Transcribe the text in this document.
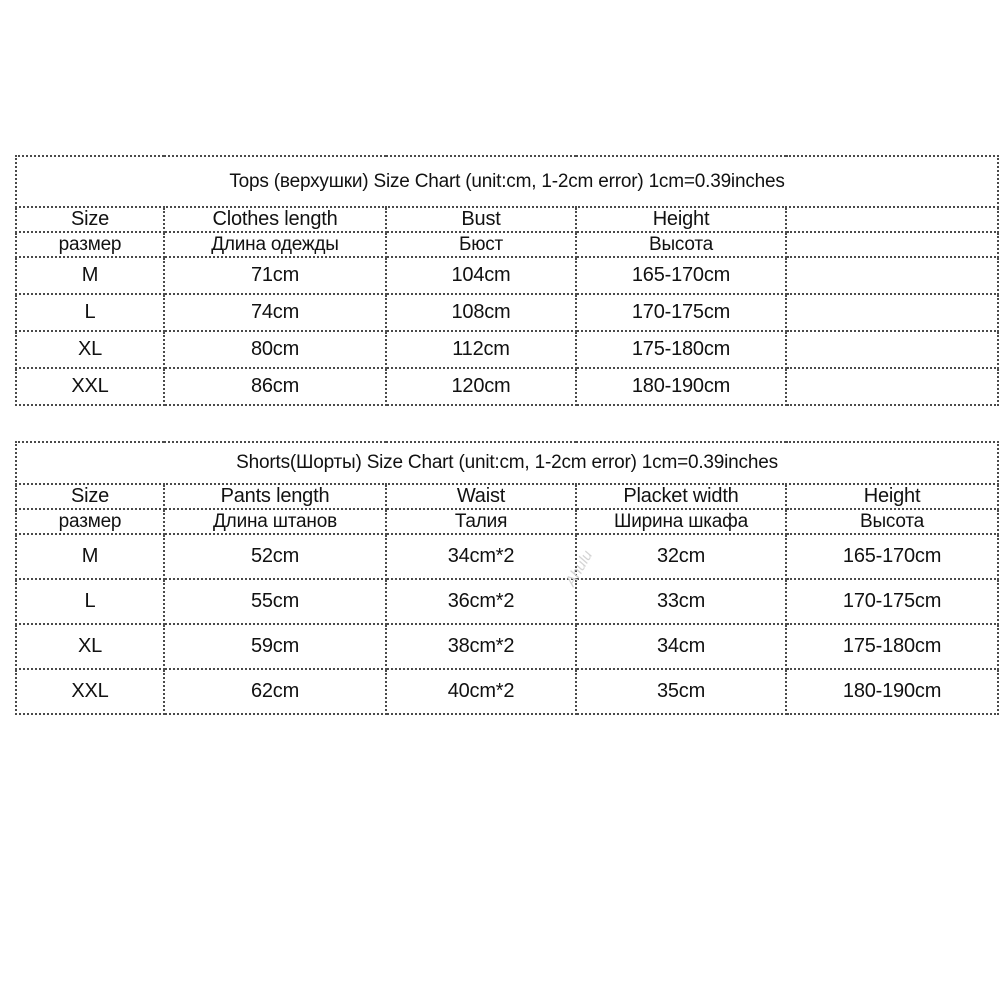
Tops (верхушки) Size Chart (unit:cm, 1-2cm error) 1cm=0.39inches				
Size	Clothes length	Bust	Height	
размер	Длина одежды	Бюст	Высота	
M	71cm	104cm	165-170cm	
L	74cm	108cm	170-175cm	
XL	80cm	112cm	175-180cm	
XXL	86cm	120cm	180-190cm	
Shorts(Шорты) Size Chart (unit:cm, 1-2cm error) 1cm=0.39inches				
Size	Pants length	Waist	Placket width	Height
размер	Длина штанов	Талия	Ширина шкафа	Высота
M	52cm	34cm*2	32cm	165-170cm
L	55cm	36cm*2	33cm	170-175cm
XL	59cm	38cm*2	34cm	175-180cm
XXL	62cm	40cm*2	35cm	180-190cm
Ahulu
